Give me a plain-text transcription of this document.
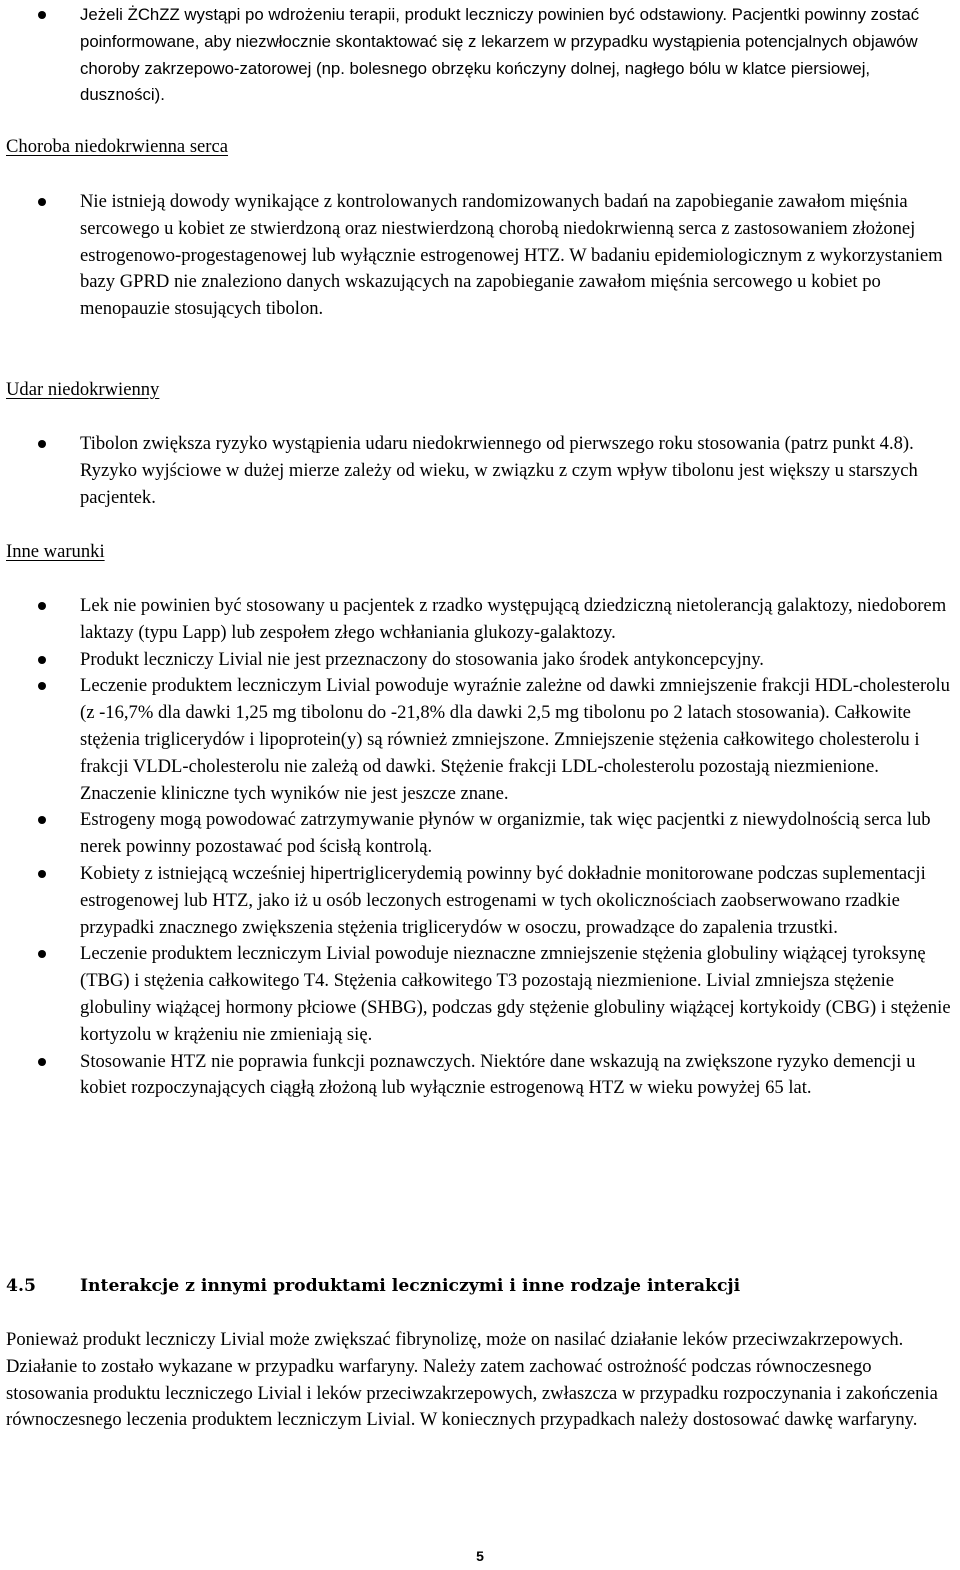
Jeżeli ŻChZZ wystąpi po wdrożeniu terapii, produkt leczniczy powinien być odstawiony. Pacjentki powinny zostać poinformowane, aby niezwłocznie skontaktować się z lekarzem w przypadku wystąpienia potencjalnych objawów choroby zakrzepowo-zatorowej (np. bolesnego obrzęku kończyny dolnej, nagłego bólu w klatce piersiowej, duszności).
Choroba niedokrwienna serca
Nie istnieją dowody wynikające z kontrolowanych randomizowanych badań na zapobieganie zawałom mięśnia sercowego u kobiet ze stwierdzoną oraz niestwierdzoną chorobą niedokrwienną serca z zastosowaniem złożonej estrogenowo-progestagenowej lub wyłącznie estrogenowej HTZ. W badaniu epidemiologicznym z wykorzystaniem bazy GPRD nie znaleziono danych wskazujących na zapobieganie zawałom mięśnia sercowego u kobiet po menopauzie stosujących tibolon.
Udar niedokrwienny
Tibolon zwiększa ryzyko wystąpienia udaru niedokrwiennego od pierwszego roku stosowania (patrz punkt 4.8). Ryzyko wyjściowe w dużej mierze zależy od wieku, w związku z czym wpływ tibolonu jest większy u starszych pacjentek.
Inne warunki
Lek nie powinien być stosowany u pacjentek z rzadko występującą dziedziczną nietolerancją galaktozy, niedoborem laktazy (typu Lapp) lub zespołem złego wchłaniania glukozy-galaktozy.
Produkt leczniczy Livial nie jest przeznaczony do stosowania jako środek antykoncepcyjny.
Leczenie produktem leczniczym Livial powoduje wyraźnie zależne od dawki zmniejszenie frakcji HDL-cholesterolu (z -16,7% dla dawki 1,25 mg tibolonu do -21,8% dla dawki 2,5 mg tibolonu po 2 latach stosowania). Całkowite stężenia triglicerydów i lipoprotein(y) są również zmniejszone. Zmniejszenie stężenia całkowitego cholesterolu i frakcji VLDL-cholesterolu nie zależą od dawki. Stężenie frakcji LDL-cholesterolu pozostają niezmienione. Znaczenie kliniczne tych wyników nie jest jeszcze znane.
Estrogeny mogą powodować zatrzymywanie płynów w organizmie, tak więc pacjentki z niewydolnością serca lub nerek powinny pozostawać pod ścisłą kontrolą.
Kobiety z istniejącą wcześniej hipertriglicerydemią powinny być dokładnie monitorowane podczas suplementacji estrogenowej lub HTZ, jako iż u osób leczonych estrogenami w tych okolicznościach zaobserwowano rzadkie przypadki znacznego zwiększenia stężenia triglicerydów w osoczu, prowadzące do zapalenia trzustki.
Leczenie produktem leczniczym Livial powoduje nieznaczne zmniejszenie stężenia globuliny wiążącej tyroksynę (TBG) i stężenia całkowitego T4. Stężenia całkowitego T3 pozostają niezmienione. Livial zmniejsza stężenie globuliny wiążącej hormony płciowe (SHBG), podczas gdy stężenie globuliny wiążącej kortykoidy (CBG) i stężenie kortyzolu w krążeniu nie zmieniają się.
Stosowanie HTZ nie poprawia funkcji poznawczych. Niektóre dane wskazują na zwiększone ryzyko demencji u kobiet rozpoczynających ciągłą złożoną lub wyłącznie estrogenową HTZ w wieku powyżej 65 lat.
4.5	Interakcje z innymi produktami leczniczymi i inne rodzaje interakcji
Ponieważ produkt leczniczy Livial może zwiększać fibrynolizę, może on nasilać działanie leków przeciwzakrzepowych. Działanie to zostało wykazane w przypadku warfaryny. Należy zatem zachować ostrożność podczas równoczesnego stosowania produktu leczniczego Livial i leków przeciwzakrzepowych, zwłaszcza w przypadku rozpoczynania i zakończenia równoczesnego leczenia produktem leczniczym Livial. W koniecznych przypadkach należy dostosować dawkę warfaryny.
5
